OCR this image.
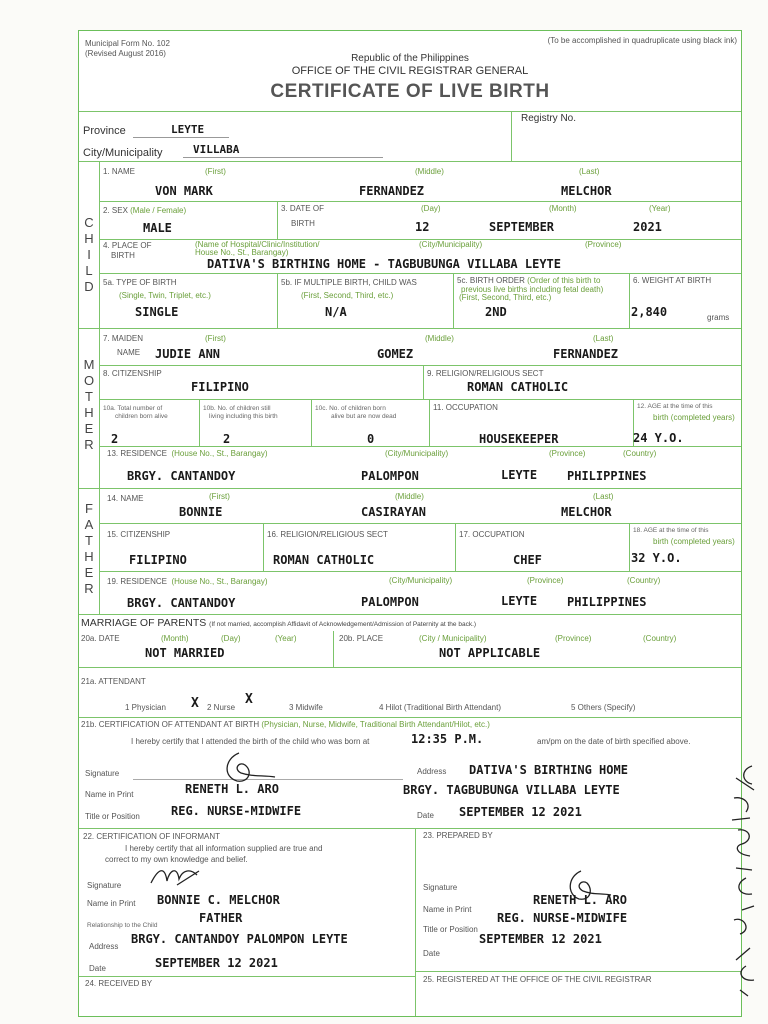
Municipal Form No. 102
(Revised August 2016)
(To be accomplished in quadruplicate using black ink)
Republic of the Philippines
OFFICE OF THE CIVIL REGISTRAR GENERAL
CERTIFICATE OF LIVE BIRTH
Province	LEYTE
City/Municipality	VILLABA
Registry No.
CHILD
1. NAME	(First)	(Middle)	(Last)
VON MARK	FERNANDEZ	MELCHOR
2. SEX (Male / Female)
MALE
3. DATE OF
BIRTH
(Day)	(Month)	(Year)
12	SEPTEMBER	2021
4. PLACE OF
BIRTH
(Name of Hospital/Clinic/Institution/
House No., St., Barangay)
(City/Municipality)	(Province)
DATIVA'S BIRTHING HOME - TAGBUBUNGA VILLABA LEYTE
5a. TYPE OF BIRTH
(Single, Twin, Triplet, etc.)
SINGLE
5b. IF MULTIPLE BIRTH, CHILD WAS
(First, Second, Third, etc.)
N/A
5c. BIRTH ORDER (Order of this birth to
previous live births including fetal death)
(First, Second, Third, etc.)
2ND
6. WEIGHT AT BIRTH
2,840	grams
MOTHER
7. MAIDEN
NAME
(First)	(Middle)	(Last)
JUDIE ANN	GOMEZ	FERNANDEZ
8. CITIZENSHIP
FILIPINO
9. RELIGION/RELIGIOUS SECT
ROMAN CATHOLIC
10a. Total number of
children born alive
2
10b. No. of children still
living including this birth
2
10c. No. of children born
alive but are now dead
0
11. OCCUPATION
HOUSEKEEPER
12. AGE at the time of this
birth (completed years)
24 Y.O.
13. RESIDENCE (House No., St., Barangay)	(City/Municipality)	(Province)	(Country)
BRGY. CANTANDOY	PALOMPON	LEYTE PHILIPPINES
FATHER
14. NAME	(First)	(Middle)	(Last)
BONNIE	CASIRAYAN	MELCHOR
15. CITIZENSHIP
FILIPINO
16. RELIGION/RELIGIOUS SECT
ROMAN CATHOLIC
17. OCCUPATION
CHEF
18. AGE at the time of this
birth (completed years)
32 Y.O.
19. RESIDENCE (House No., St., Barangay)	(City/Municipality)	(Province)	(Country)
BRGY. CANTANDOY	PALOMPON	LEYTE PHILIPPINES
MARRIAGE OF PARENTS (If not married, accomplish Affidavit of Acknowledgement/Admission of Paternity at the back.)
20a. DATE	(Month)	(Day)	(Year)
NOT MARRIED
20b. PLACE	(City / Municipality)	(Province)	(Country)
NOT APPLICABLE
21a. ATTENDANT
1 Physician X 2 Nurse
X
3 Midwife	4 Hilot (Traditional Birth Attendant)	5 Others (Specify)
21b. CERTIFICATION OF ATTENDANT AT BIRTH (Physician, Nurse, Midwife, Traditional Birth Attendant/Hilot, etc.)
I hereby certify that I attended the birth of the child who was born at	12:35 P.M.	am/pm on the date of birth specified above.
Signature
Name in Print	RENETH L. ARO
Title or Position	REG. NURSE-MIDWIFE
Address DATIVA'S BIRTHING HOME
BRGY. TAGBUBUNGA VILLABA LEYTE
Date SEPTEMBER 12 2021
22. CERTIFICATION OF INFORMANT
I hereby certify that all information supplied are true and
correct to my own knowledge and belief.
Signature
Name in Print BONNIE C. MELCHOR
Relationship to the Child
FATHER
Address
BRGY. CANTANDOY PALOMPON LEYTE
Date	SEPTEMBER 12 2021
24. RECEIVED BY
23. PREPARED BY
Signature
Name in Print
RENETH L. ARO
Title or Position
REG. NURSE-MIDWIFE
SEPTEMBER 12 2021
Date
25. REGISTERED AT THE OFFICE OF THE CIVIL REGISTRAR
